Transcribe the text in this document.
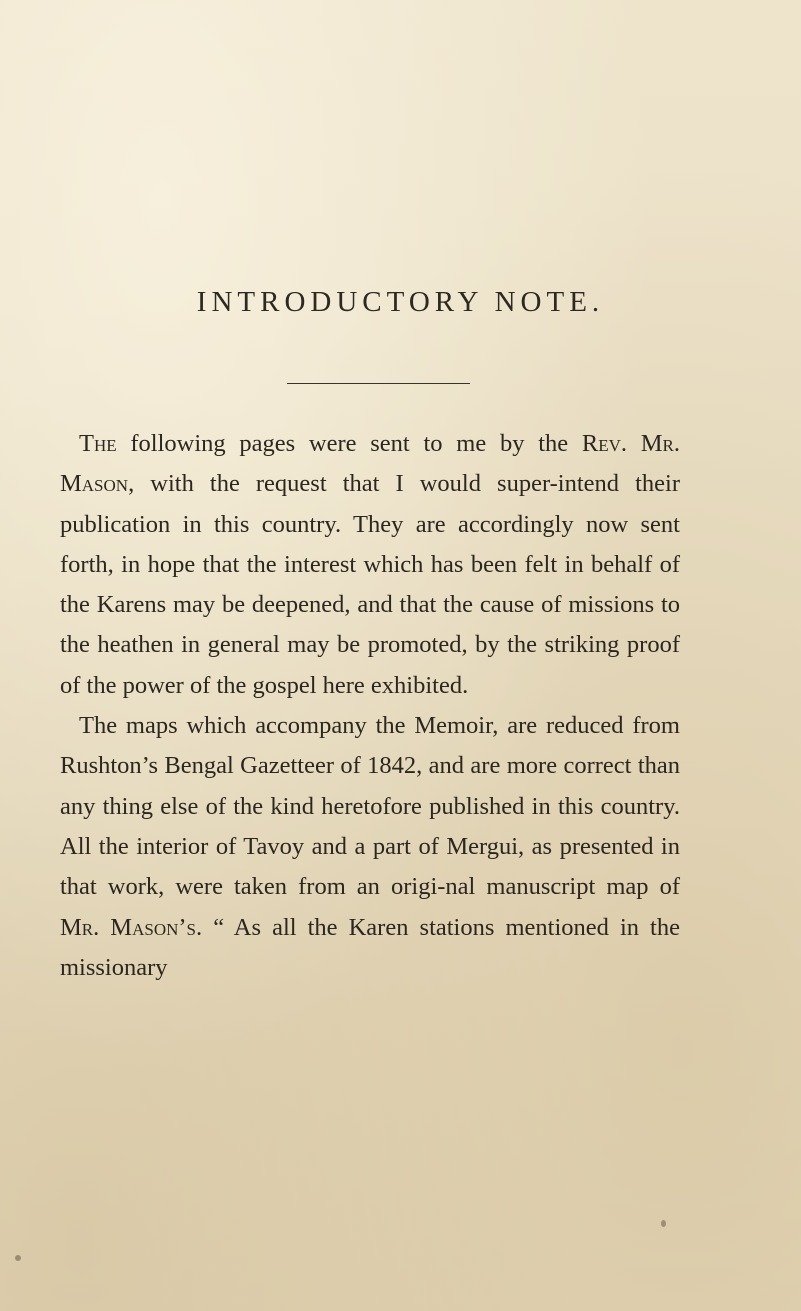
INTRODUCTORY NOTE.

The following pages were sent to me by the Rev. Mr. Mason, with the request that I would super-intend their publication in this country. They are accordingly now sent forth, in hope that the interest which has been felt in behalf of the Karens may be deepened, and that the cause of missions to the heathen in general may be promoted, by the striking proof of the power of the gospel here exhibited.

The maps which accompany the Memoir, are reduced from Rushton’s Bengal Gazetteer of 1842, and are more correct than any thing else of the kind heretofore published in this country. All the interior of Tavoy and a part of Mergui, as presented in that work, were taken from an origi-nal manuscript map of Mr. Mason’s. “ As all the Karen stations mentioned in the missionary
